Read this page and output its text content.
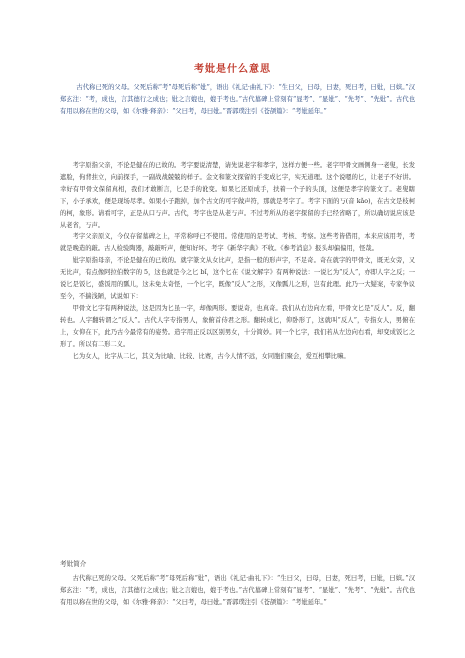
考妣是什么意思

古代称已死的父母。父死后称“考”母死后称“妣”，语出《礼记·曲礼下》：“生曰父，曰母，曰妻，死曰考，曰妣，曰嫔。”汉郑玄注：“考，成也，言其德行之成也；妣之言媲也，媲于考也。”古代墓碑上常刻有“显考”、“显妣”、“先考”、“先妣”。古代也有用以称在世的父母，如《尔雅·释亲》：“父曰考，母曰妣。”晋郭璞注引《苍颉篇》：“考妣延年。”

考字原指父亲，不论是健在的已故的。考字要说清楚，请先说老字和孝字，这样方便一些。老字甲骨文画侧身一老叟，长发遮脸，佝背拄立，向前探手，一副战战兢兢的样子。金文和篆文探留的手变成匕字，实无道理。这个说嗯的匕，让老子不好讲。幸好有甲骨文保留真相，我们才敢断言，匕是手的讹变。如果匕还原成手，扶着一个子的头顶，这便是孝字的篆文了。老叟瞎下，小子承欢，便是现场尽孝。如果小子跑掉，加个古文的可字做声符，那就是考字了。考字下面的丂(音 kǎo)，在古文是枝柯的柯，象形。请看可字，正是从口丂声。古代，考字也是从老丂声。不过考所从的老字探留的手已经省略了，所以确切说应该是从老省，丂声。

考字父亲原义，今仅存留墓碑之上，平常称呼已不使用。常使用的是考试、考核、考察。这些考皆借用，本来应该用考，考就是晚造的敲。古人检验陶器，敲敲听声，便知好坏。考字《新华字典》不收。《参考消息》报头却偏偏用，怪哉。

妣字原指母亲，不论是健在的已故的。就字篆文从女比声，是指一般的形声字，不足奇。奇在就字的甲骨文，既无女旁，又无比声，有点像阿拉伯数字的 5，这也就是今之匕 bǐ，这个匕在《说文解字》有两种说法：一说匕为“反人”，亦即人字之反；一说匕是饭匕，盛饭用的瓢儿，这未免太奇怪，一个匕字，既像“反人”之形，又像瓢儿之形，岂有此理。此乃一大疑案，专家争议至今，不揣浅陋，试说如下：

甲骨文匕字有两种说法，这是因为匕虽一字，却像两形。要说奇，也真奇。我们从右边向左看，甲骨文匕是“反人”。反，翻转也。人字翻转谓之“反人”。古代人字专指男人，象俯首侍君之形。翻转成匕，仰卧形了，这就叫“反人”，专指女人，男俯在上，女仰在下，此乃古今最常有的姿势。造字用正反以区别男女，十分简妙。同一个匕字，我们若从左边向右看，却变成饭匕之形了。所以有二形二义。

匕为女人，比字从二匕，其义为比喻、比较、比赛，古今人情不远，女同胞们聚会，爱互相攀比嘛。

考妣简介

古代称已死的父母。父死后称“考”母死后称“妣”，语出《礼记·曲礼下》：“生曰父，曰母，曰妻，死曰考，曰妣，曰嫔。”汉郑玄注：“考，成也，言其德行之成也；妣之言媲也，媲于考也。”古代墓碑上常刻有“显考”、“显妣”、“先考”、“先妣”。古代也有用以称在世的父母，如《尔雅·释亲》：“父曰考，母曰妣。”晋郭璞注引《苍颉篇》：“考妣延年。”
